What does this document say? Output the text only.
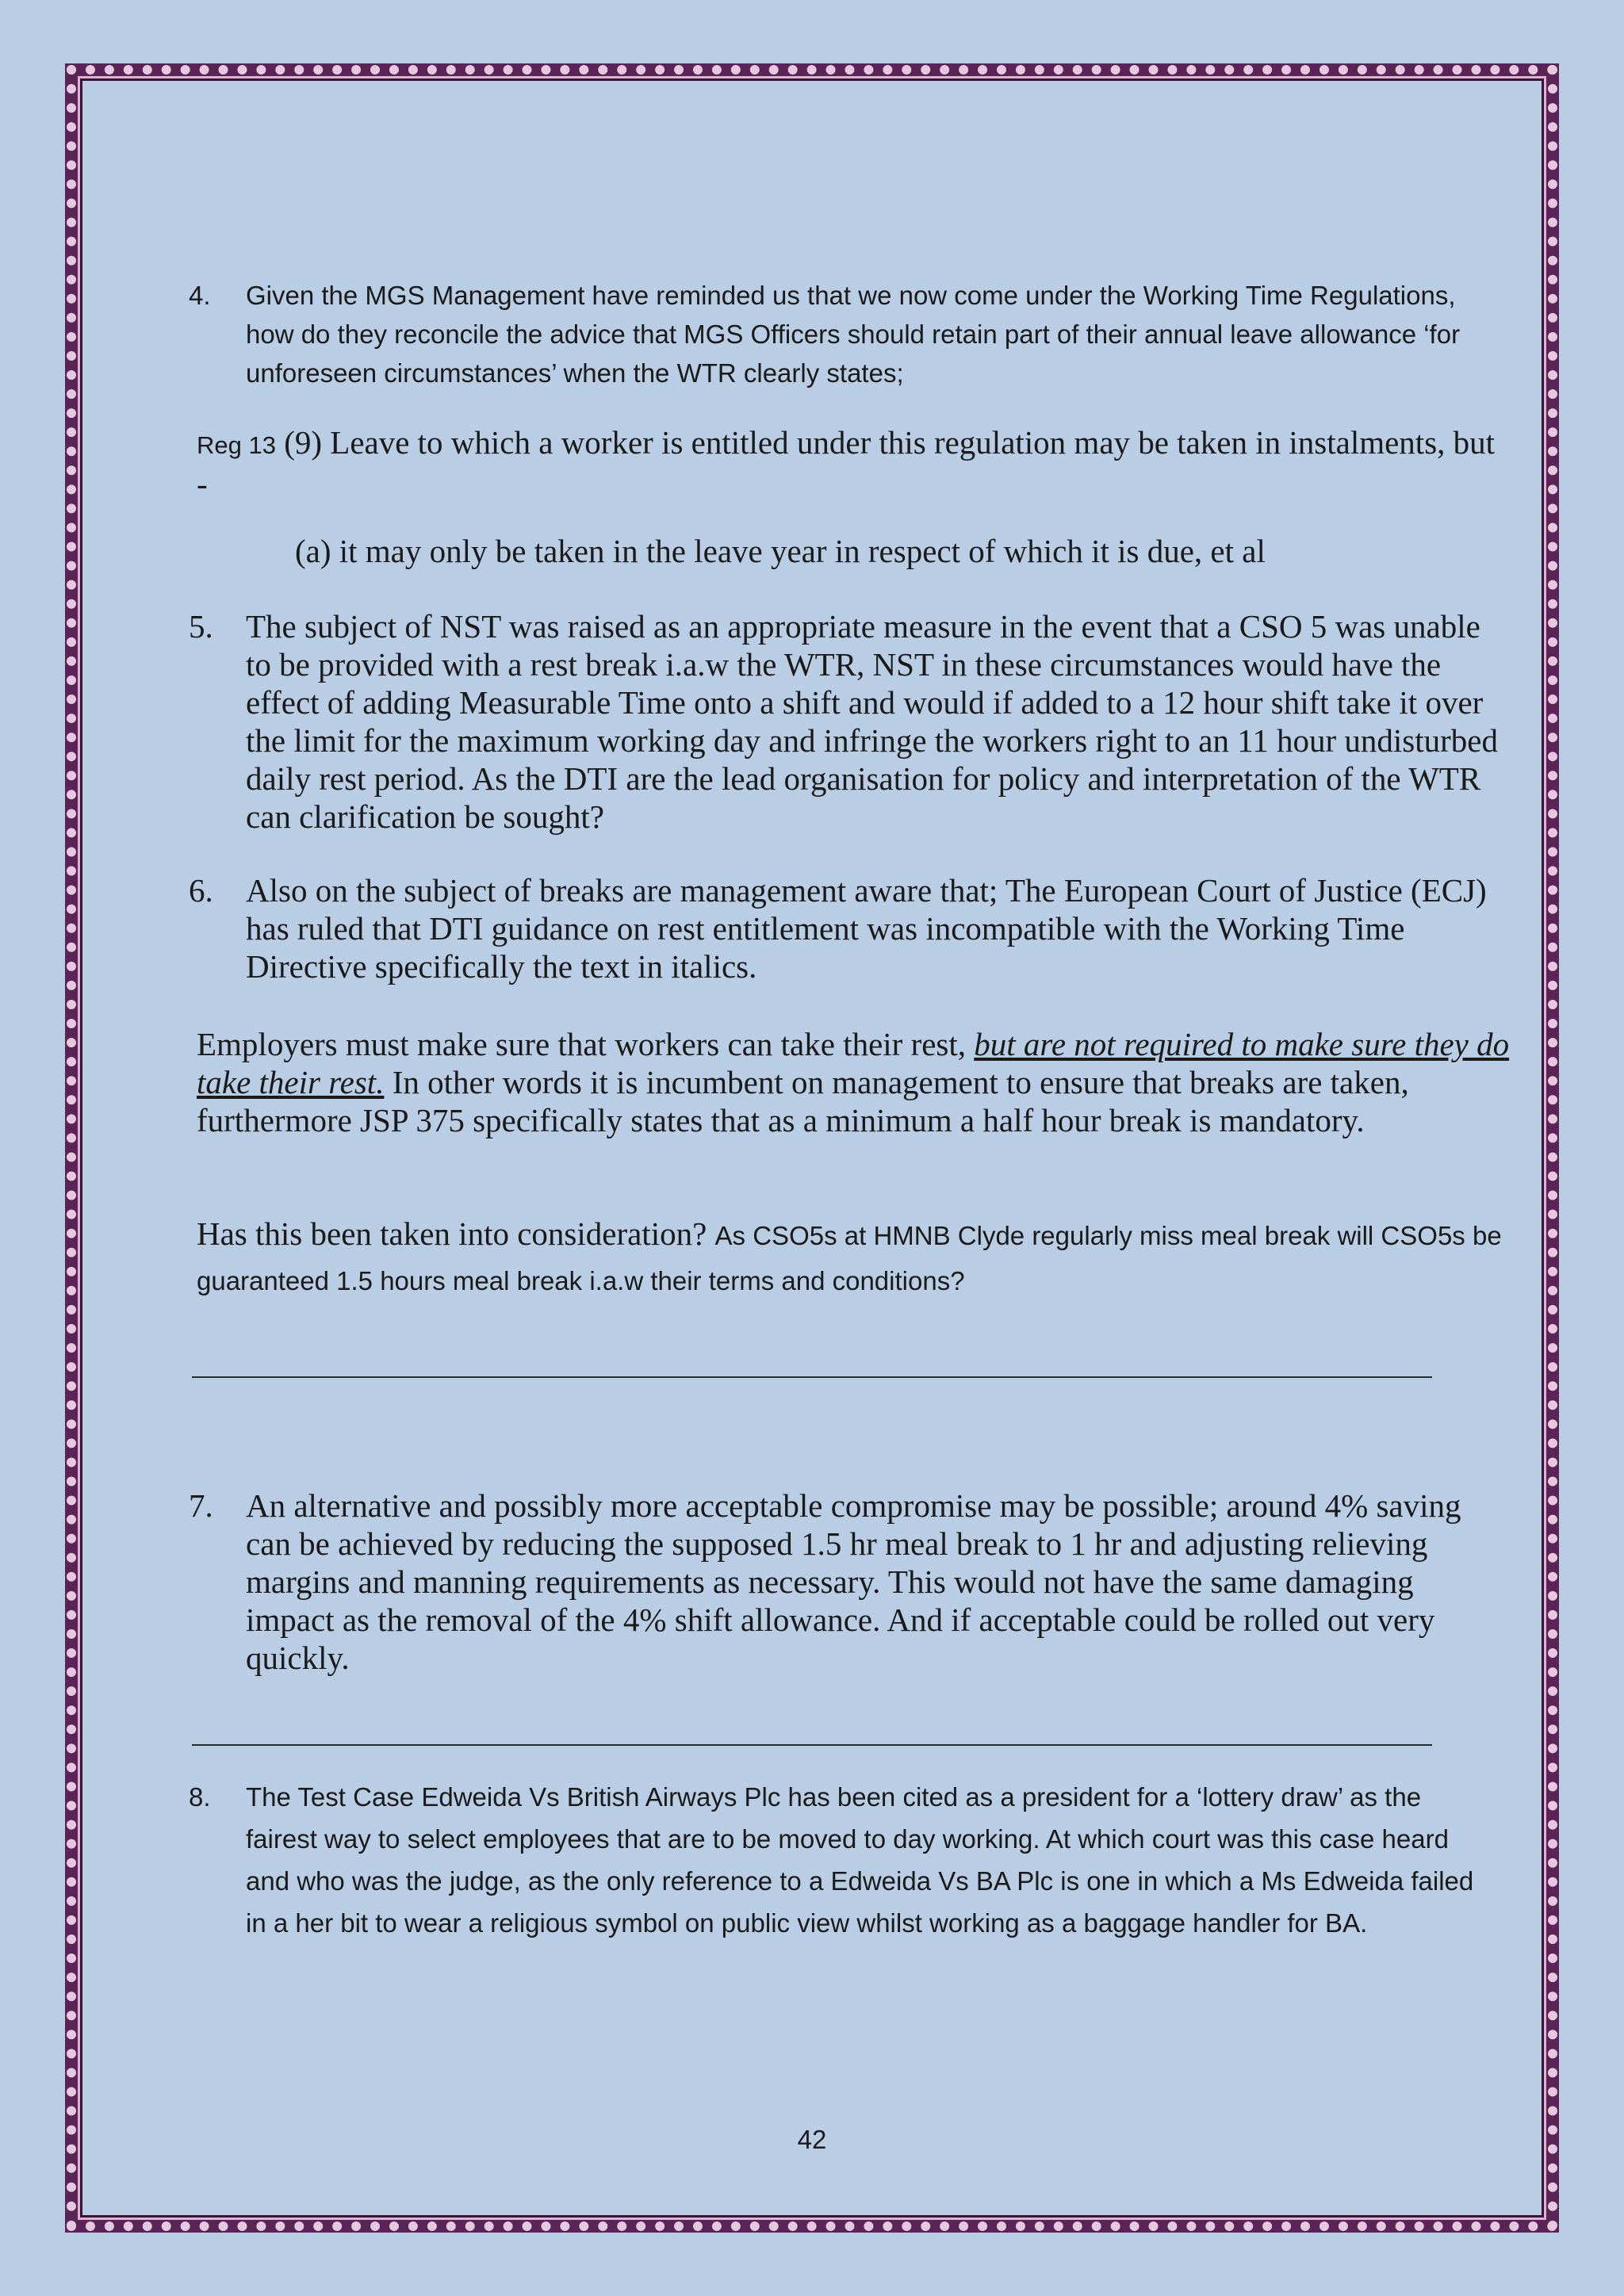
4. Given the MGS Management have reminded us that we now come under the Working Time Regulations, how do they reconcile the advice that MGS Officers should retain part of their annual leave allowance ‘for unforeseen circumstances’ when the WTR clearly states;
Reg 13 (9) Leave to which a worker is entitled under this regulation may be taken in instalments, but -
(a) it may only be taken in the leave year in respect of which it is due, et al
5. The subject of NST was raised as an appropriate measure in the event that a CSO 5 was unable to be provided with a rest break i.a.w the WTR, NST in these circumstances would have the effect of adding Measurable Time onto a shift and would if added to a 12 hour shift take it over the limit for the maximum working day and infringe the workers right to an 11 hour undisturbed daily rest period. As the DTI are the lead organisation for policy and interpretation of the WTR can clarification be sought?
6. Also on the subject of breaks are management aware that; The European Court of Justice (ECJ) has ruled that DTI guidance on rest entitlement was incompatible with the Working Time Directive specifically the text in italics.
Employers must make sure that workers can take their rest, but are not required to make sure they do take their rest. In other words it is incumbent on management to ensure that breaks are taken, furthermore JSP 375 specifically states that as a minimum a half hour break is mandatory.
Has this been taken into consideration? As CSO5s at HMNB Clyde regularly miss meal break will CSO5s be guaranteed 1.5 hours meal break i.a.w their terms and conditions?
7. An alternative and possibly more acceptable compromise may be possible; around 4% saving can be achieved by reducing the supposed 1.5 hr meal break to 1 hr and adjusting relieving margins and manning requirements as necessary. This would not have the same damaging impact as the removal of the 4% shift allowance. And if acceptable could be rolled out very quickly.
8. The Test Case Edweida Vs British Airways Plc has been cited as a president for a ‘lottery draw’ as the fairest way to select employees that are to be moved to day working. At which court was this case heard and who was the judge, as the only reference to a Edweida Vs BA Plc is one in which a Ms Edweida failed in a her bit to wear a religious symbol on public view whilst working as a baggage handler for BA.
42
